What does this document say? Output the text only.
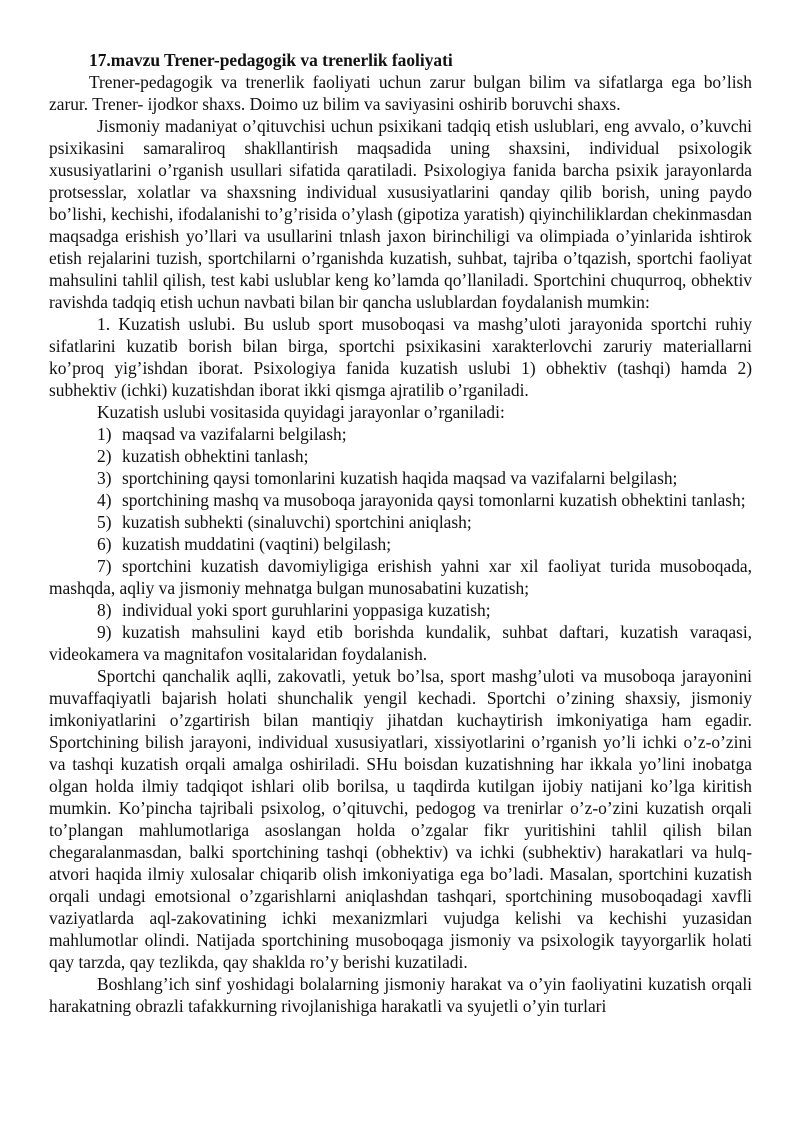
17.mavzu Trener-pedagogik va trenerlik faoliyati

Trener-pedagogik va trenerlik faoliyati uchun zarur bulgan bilim va sifatlarga ega bo’lish zarur. Trener- ijodkor shaxs. Doimo uz bilim va saviyasini oshirib boruvchi shaxs.

Jismoniy madaniyat o’qituvchisi uchun psixikani tadqiq etish uslublari, eng avvalo, o’kuvchi psixikasini samaraliroq shakllantirish maqsadida uning shaxsini, individual psixologik xususiyatlarini o’rganish usullari sifatida qaratiladi. Psixologiya fanida barcha psixik jarayonlarda protsesslar, xolatlar va shaxsning individual xususiyatlarini qanday qilib borish, uning paydo bo’lishi, kechishi, ifodalanishi to’g’risida o’ylash (gipotiza yaratish) qiyinchiliklardan chekinmasdan maqsadga erishish yo’llari va usullarini tnlash jaxon birinchiligi va olimpiada o’yinlarida ishtirok etish rejalarini tuzish, sportchilarni o’rganishda kuzatish, suhbat, tajriba o’tqazish, sportchi faoliyat mahsulini tahlil qilish, test kabi uslublar keng ko’lamda qo’llaniladi. Sportchini chuqurroq, obhektiv ravishda tadqiq etish uchun navbati bilan bir qancha uslublardan foydalanish mumkin:

1. Kuzatish uslubi. Bu uslub sport musoboqasi va mashg’uloti jarayonida sportchi ruhiy sifatlarini kuzatib borish bilan birga, sportchi psixikasini xarakterlovchi zaruriy materiallarni ko’proq yig’ishdan iborat. Psixologiya fanida kuzatish uslubi 1) obhektiv (tashqi) hamda 2) subhektiv (ichki) kuzatishdan iborat ikki qismga ajratilib o’rganiladi.

Kuzatish uslubi vositasida quyidagi jarayonlar o’rganiladi:

1) maqsad va vazifalarni belgilash;

2) kuzatish obhektini tanlash;

3) sportchining qaysi tomonlarini kuzatish haqida maqsad va vazifalarni belgilash;

4) sportchining mashq va musoboqa jarayonida qaysi tomonlarni kuzatish obhektini tanlash;

5) kuzatish subhekti (sinaluvchi) sportchini aniqlash;

6) kuzatish muddatini (vaqtini) belgilash;

7) sportchini kuzatish davomiyligiga erishish yahni xar xil faoliyat turida musoboqada, mashqda, aqliy va jismoniy mehnatga bulgan munosabatini kuzatish;

8) individual yoki sport guruhlarini yoppasiga kuzatish;

9) kuzatish mahsulini kayd etib borishda kundalik, suhbat daftari, kuzatish varaqasi, videokamera va magnitafon vositalaridan foydalanish.

Sportchi qanchalik aqlli, zakovatli, yetuk bo’lsa, sport mashg’uloti va musoboqa jarayonini muvaffaqiyatli bajarish holati shunchalik yengil kechadi. Sportchi o’zining shaxsiy, jismoniy imkoniyatlarini o’zgartirish bilan mantiqiy jihatdan kuchaytirish imkoniyatiga ham egadir. Sportchining bilish jarayoni, individual xususiyatlari, xissiyotlarini o’rganish yo’li ichki o’z-o’zini va tashqi kuzatish orqali amalga oshiriladi. SHu boisdan kuzatishning har ikkala yo’lini inobatga olgan holda ilmiy tadqiqot ishlari olib borilsa, u taqdirda kutilgan ijobiy natijani ko’lga kiritish mumkin. Ko’pincha tajribali psixolog, o’qituvchi, pedogog va trenirlar o’z-o’zini kuzatish orqali to’plangan mahlumotlariga asoslangan holda o’zgalar fikr yuritishini tahlil qilish bilan chegaralanmasdan, balki sportchining tashqi (obhektiv) va ichki (subhektiv) harakatlari va hulq-atvori haqida ilmiy xulosalar chiqarib olish imkoniyatiga ega bo’ladi. Masalan, sportchini kuzatish orqali undagi emotsional o’zgarishlarni aniqlashdan tashqari, sportchining musoboqadagi xavfli vaziyatlarda aql-zakovatining ichki mexanizmlari vujudga kelishi va kechishi yuzasidan mahlumotlar olindi. Natijada sportchining musoboqaga jismoniy va psixologik tayyorgarlik holati qay tarzda, qay tezlikda, qay shaklda ro’y berishi kuzatiladi.

Boshlang’ich sinf yoshidagi bolalarning jismoniy harakat va o’yin faoliyatini kuzatish orqali harakatning obrazli tafakkurning rivojlanishiga harakatli va syujetli o’yin turlari
